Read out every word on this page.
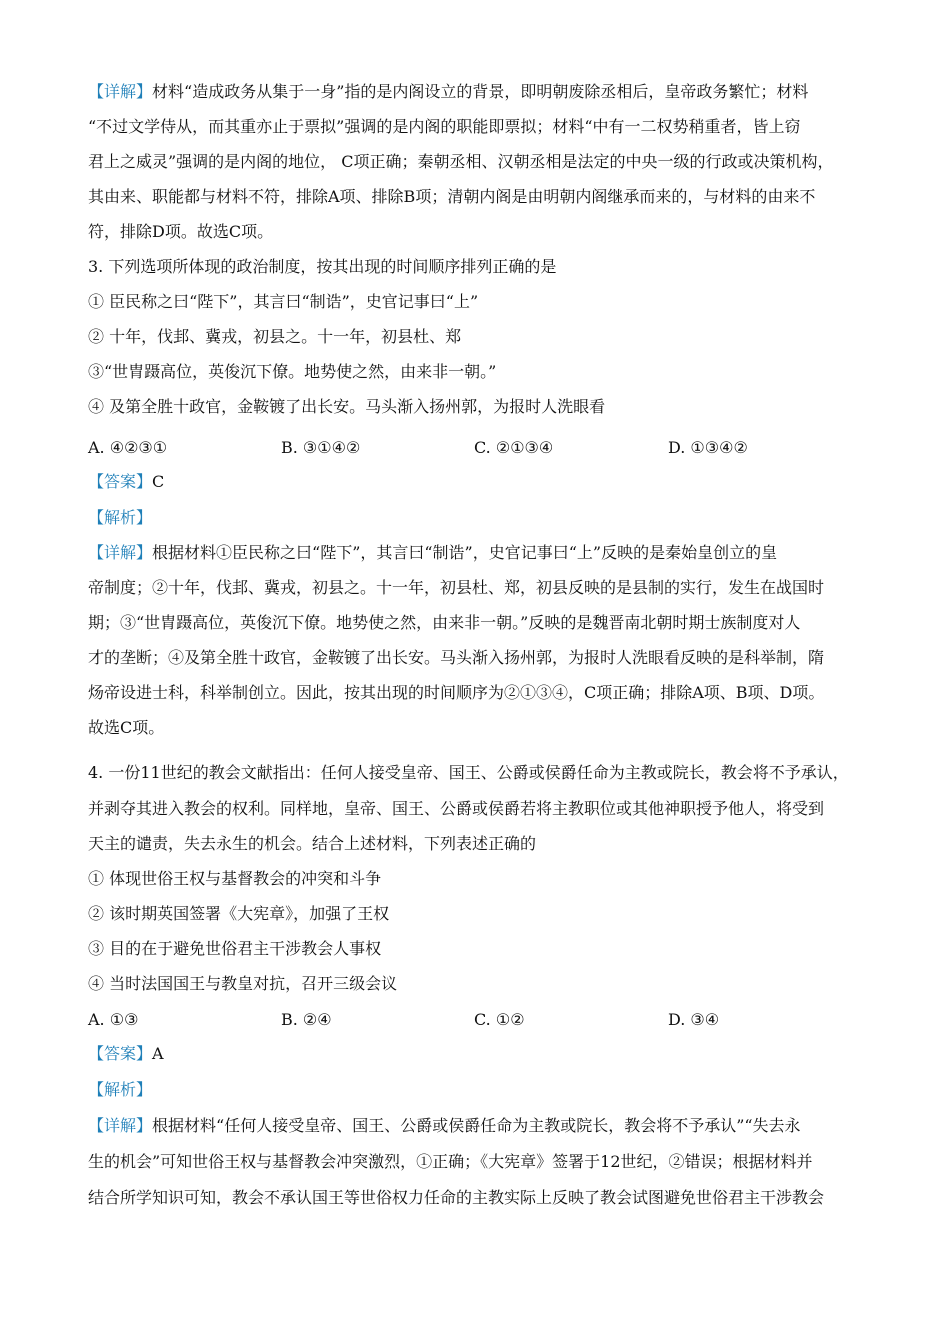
【详解】材料“造成政务从集于一身”指的是内阁设立的背景，即明朝废除丞相后，皇帝政务繁忙；材料
“不过文学侍从，而其重亦止于票拟”强调的是内阁的职能即票拟；材料“中有一二权势稍重者，皆上窃
君上之威灵”强调的是内阁的地位， C项正确；秦朝丞相、汉朝丞相是法定的中央一级的行政或决策机构，
其由来、职能都与材料不符，排除A项、排除B项；清朝内阁是由明朝内阁继承而来的，与材料的由来不
符，排除D项。故选C项。
3. 下列选项所体现的政治制度，按其出现的时间顺序排列正确的是
① 臣民称之曰“陛下”，其言曰“制诰”，史官记事曰“上”
② 十年，伐邽、冀戎，初县之。十一年，初县杜、郑
③“世胄蹑高位，英俊沉下僚。地势使之然，由来非一朝。”
④ 及第全胜十政官，金鞍镀了出长安。马头渐入扬州郭，为报时人洗眼看
A. ④②③①	B. ③①④②	C. ②①③④	D. ①③④②
【答案】C
【解析】
【详解】根据材料①臣民称之曰“陛下”，其言曰“制诰”，史官记事曰“上”反映的是秦始皇创立的皇
帝制度；②十年，伐邽、冀戎，初县之。十一年，初县杜、郑，初县反映的是县制的实行，发生在战国时
期；③“世胄蹑高位，英俊沉下僚。地势使之然，由来非一朝。”反映的是魏晋南北朝时期士族制度对人
才的垄断；④及第全胜十政官，金鞍镀了出长安。马头渐入扬州郭，为报时人洗眼看反映的是科举制，隋
炀帝设进士科，科举制创立。因此，按其出现的时间顺序为②①③④，C项正确；排除A项、B项、D项。
故选C项。
4. 一份11世纪的教会文献指出：任何人接受皇帝、国王、公爵或侯爵任命为主教或院长，教会将不予承认，
并剥夺其进入教会的权利。同样地，皇帝、国王、公爵或侯爵若将主教职位或其他神职授予他人，将受到
天主的谴责，失去永生的机会。结合上述材料，下列表述正确的
① 体现世俗王权与基督教会的冲突和斗争
② 该时期英国签署《大宪章》，加强了王权
③ 目的在于避免世俗君主干涉教会人事权
④ 当时法国国王与教皇对抗，召开三级会议
A. ①③	B. ②④	C. ①②	D. ③④
【答案】A
【解析】
【详解】根据材料“任何人接受皇帝、国王、公爵或侯爵任命为主教或院长，教会将不予承认”“失去永
生的机会”可知世俗王权与基督教会冲突激烈，①正确；《大宪章》签署于12世纪，②错误；根据材料并
结合所学知识可知，教会不承认国王等世俗权力任命的主教实际上反映了教会试图避免世俗君主干涉教会
